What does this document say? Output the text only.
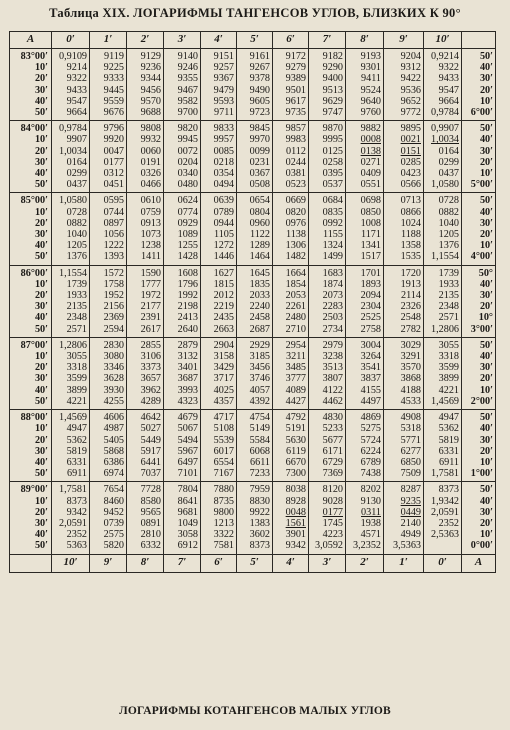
Таблица XIX. ЛОГАРИФМЫ ТАНГЕНСОВ УГЛОВ, БЛИЗКИХ К 90°
A	0′	1′	2′	3′	4′	5′	6′	7′	8′	9′	10′	
83°00′	0,9109	9119	9129	9140	9151	9161	9172	9182	9193	9204	0,9214	50′
10′	9214	9225	9236	9246	9257	9267	9279	9290	9301	9312	9322	40′
20′	9322	9333	9344	9355	9367	9378	9389	9400	9411	9422	9433	30′
30′	9433	9445	9456	9467	9479	9490	9501	9513	9524	9536	9547	20′
40′	9547	9559	9570	9582	9593	9605	9617	9629	9640	9652	9664	10′
50′	9664	9676	9688	9700	9711	9723	9735	9747	9760	9772	0,9784	6°00′
84°00′	0,9784	9796	9808	9820	9833	9845	9857	9870	9882	9895	0,9907	50′
10′	9907	9920	9932	9945	9957	9970	9983	9995	0008	0021	1,0034	40′
20′	1,0034	0047	0060	0072	0085	0099	0112	0125	0138	0151	0164	30′
30′	0164	0177	0191	0204	0218	0231	0244	0258	0271	0285	0299	20′
40′	0299	0312	0326	0340	0354	0367	0381	0395	0409	0423	0437	10′
50′	0437	0451	0466	0480	0494	0508	0523	0537	0551	0566	1,0580	5°00′
85°00′	1,0580	0595	0610	0624	0639	0654	0669	0684	0698	0713	0728	50′
10′	0728	0744	0759	0774	0789	0804	0820	0835	0850	0866	0882	40′
20′	0882	0897	0913	0929	0944	0960	0976	0992	1008	1024	1040	30′
30′	1040	1056	1073	1089	1105	1122	1138	1155	1171	1188	1205	20′
40′	1205	1222	1238	1255	1272	1289	1306	1324	1341	1358	1376	10′
50′	1376	1393	1411	1428	1446	1464	1482	1499	1517	1535	1,1554	4°00′
86°00′	1,1554	1572	1590	1608	1627	1645	1664	1683	1701	1720	1739	50°
10′	1739	1758	1777	1796	1815	1835	1854	1874	1893	1913	1933	40′
20′	1933	1952	1972	1992	2012	2033	2053	2073	2094	2114	2135	30′
30′	2135	2156	2177	2198	2219	2240	2261	2283	2304	2326	2348	20′
40′	2348	2369	2391	2413	2435	2458	2480	2503	2525	2548	2571	10°
50′	2571	2594	2617	2640	2663	2687	2710	2734	2758	2782	1,2806	3°00′
87°00′	1,2806	2830	2855	2879	2904	2929	2954	2979	3004	3029	3055	50′
10′	3055	3080	3106	3132	3158	3185	3211	3238	3264	3291	3318	40′
20′	3318	3346	3373	3401	3429	3456	3485	3513	3541	3570	3599	30′
30′	3599	3628	3657	3687	3717	3746	3777	3807	3837	3868	3899	20′
40′	3899	3930	3962	3993	4025	4057	4089	4122	4155	4188	4221	10′
50′	4221	4255	4289	4323	4357	4392	4427	4462	4497	4533	1,4569	2°00′
88°00′	1,4569	4606	4642	4679	4717	4754	4792	4830	4869	4908	4947	50′
10′	4947	4987	5027	5067	5108	5149	5191	5233	5275	5318	5362	40′
20′	5362	5405	5449	5494	5539	5584	5630	5677	5724	5771	5819	30′
30′	5819	5868	5917	5967	6017	6068	6119	6171	6224	6277	6331	20′
40′	6331	6386	6441	6497	6554	6611	6670	6729	6789	6850	6911	10′
50′	6911	6974	7037	7101	7167	7233	7300	7369	7438	7509	1,7581	1°00′
89°00′	1,7581	7654	7728	7804	7880	7959	8038	8120	8202	8287	8373	50′
10′	8373	8460	8580	8641	8735	8830	8928	9028	9130	9235	1,9342	40′
20′	9342	9452	9565	9681	9800	9922	0048	0177	0311	0449	2,0591	30′
30′	2,0591	0739	0891	1049	1213	1383	1561	1745	1938	2140	2352	20′
40′	2352	2575	2810	3058	3322	3602	3901	4223	4571	4949	2,5363	10′
50′	5363	5820	6332	6912	7581	8373	9342	3,0592	3,2352	3,5363		0°00′
	10′	9′	8′	7′	6′	5′	4′	3′	2′	1′	0′	A
ЛОГАРИФМЫ КОТАНГЕНСОВ МАЛЫХ УГЛОВ
